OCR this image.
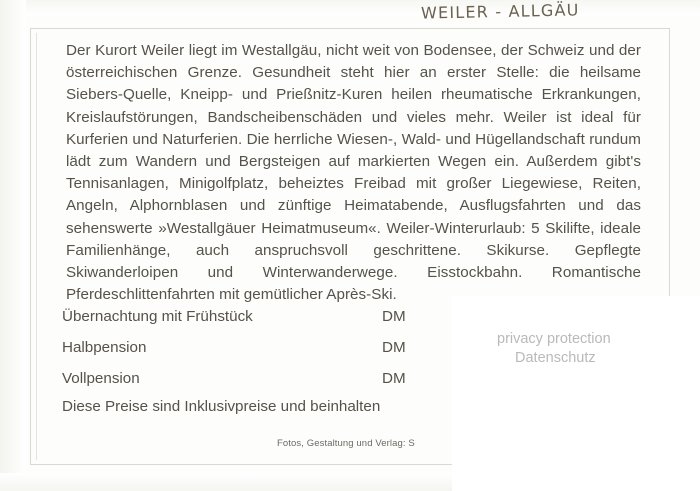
WEILER - ALLGÄU

Der Kurort Weiler liegt im Westallgäu, nicht weit von Bodensee, der Schweiz und der österreichischen Grenze. Gesundheit steht hier an erster Stelle: die heilsame Siebers-Quelle, Kneipp- und Prießnitz-Kuren heilen rheumatische Erkrankungen, Kreislaufstörungen, Bandscheibenschäden und vieles mehr. Weiler ist ideal für Kurferien und Naturferien. Die herrliche Wiesen-, Wald- und Hügellandschaft rundum lädt zum Wandern und Bergsteigen auf markierten Wegen ein. Außerdem gibt's Tennisanlagen, Minigolfplatz, beheiztes Freibad mit großer Liegewiese, Reiten, Angeln, Alphornblasen und zünftige Heimatabende, Ausflugsfahrten und das sehenswerte »Westallgäuer Heimatmuseum«. Weiler-Winterurlaub: 5 Skilifte, ideale Familienhänge, auch anspruchsvoll geschrittene. Skikurse. Gepflegte Skiwanderloipen und Winterwanderwege. Eisstockbahn. Romantische Pferdeschlittenfahrten mit gemütlicher Après-Ski.

Übernachtung mit Frühstück	DM
Halbpension	DM
Vollpension	DM
Diese Preise sind Inklusivpreise und beinhalten
Fotos, Gestaltung und Verlag: S
privacy protection
Datenschutz
